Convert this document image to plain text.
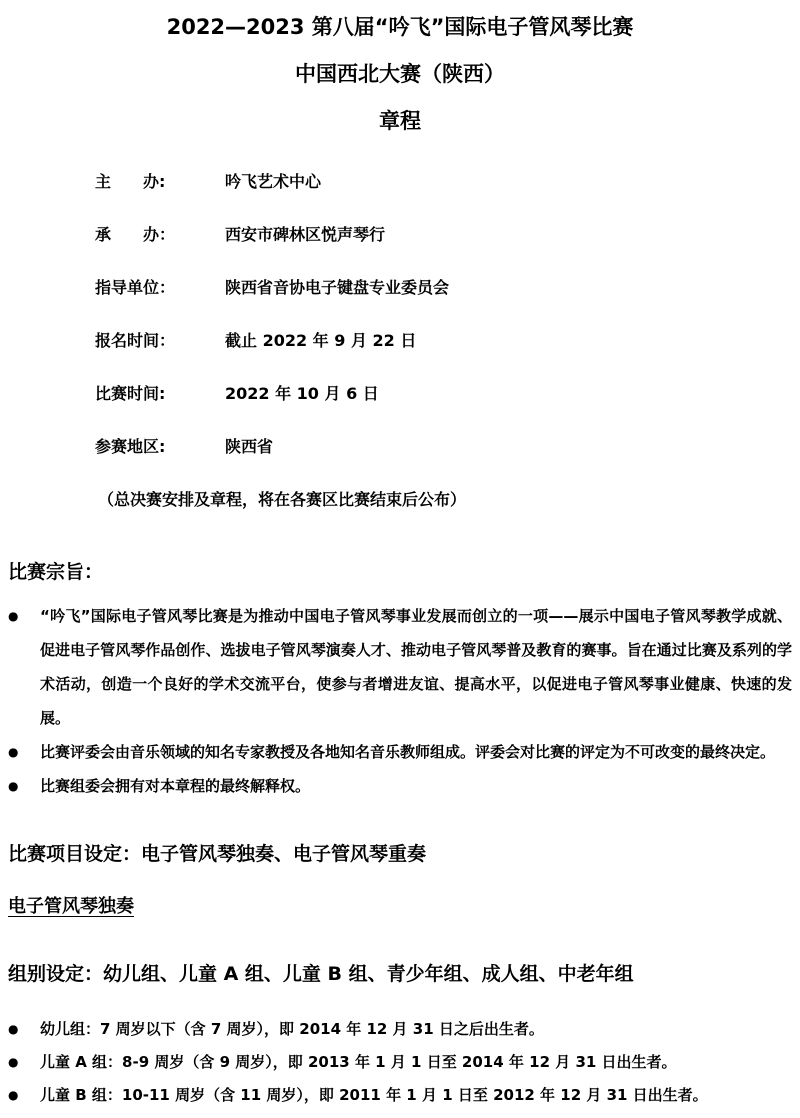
2022—2023 第八届“吟飞”国际电子管风琴比赛
中国西北大赛（陕西）
章程
主　　办:	吟飞艺术中心
承　　办：	西安市碑林区悦声琴行
指导单位：	陕西省音协电子键盘专业委员会
报名时间：	截止 2022 年 9 月 22 日
比赛时间:	2022 年 10 月 6 日
参赛地区:	陕西省
（总决赛安排及章程，将在各赛区比赛结束后公布）
比赛宗旨：
●	“吟飞”国际电子管风琴比赛是为推动中国电子管风琴事业发展而创立的一项——展示中国电子管风琴教学成就、促进电子管风琴作品创作、选拔电子管风琴演奏人才、推动电子管风琴普及教育的赛事。旨在通过比赛及系列的学术活动，创造一个良好的学术交流平台，使参与者增进友谊、提高水平，以促进电子管风琴事业健康、快速的发展。
●	比赛评委会由音乐领域的知名专家教授及各地知名音乐教师组成。评委会对比赛的评定为不可改变的最终决定。
●	比赛组委会拥有对本章程的最终解释权。
比赛项目设定：电子管风琴独奏、电子管风琴重奏
电子管风琴独奏
组别设定：幼儿组、儿童 A 组、儿童 B 组、青少年组、成人组、中老年组
●	幼儿组：7 周岁以下（含 7 周岁），即 2014 年 12 月 31 日之后出生者。
●	儿童 A 组：8-9 周岁（含 9 周岁），即 2013 年 1 月 1 日至 2014 年 12 月 31 日出生者。
●	儿童 B 组：10-11 周岁（含 11 周岁），即 2011 年 1 月 1 日至 2012 年 12 月 31 日出生者。
